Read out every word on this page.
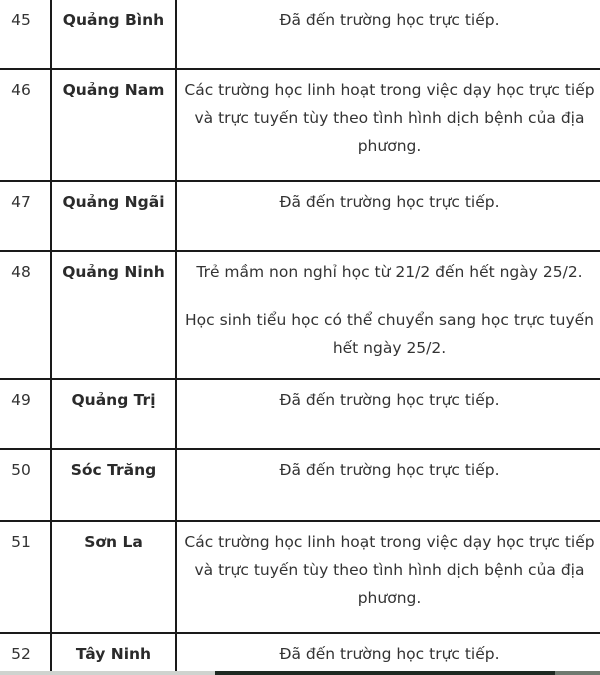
45	Quảng Bình	Đã đến trường học trực tiếp.

46	Quảng Nam	Các trường học linh hoạt trong việc dạy học trực tiếp và trực tuyến tùy theo tình hình dịch bệnh của địa phương.

47	Quảng Ngãi	Đã đến trường học trực tiếp.

48	Quảng Ninh	Trẻ mầm non nghỉ học từ 21/2 đến hết ngày 25/2.

Học sinh tiểu học có thể chuyển sang học trực tuyến hết ngày 25/2.

49	Quảng Trị	Đã đến trường học trực tiếp.

50	Sóc Trăng	Đã đến trường học trực tiếp.

51	Sơn La	Các trường học linh hoạt trong việc dạy học trực tiếp và trực tuyến tùy theo tình hình dịch bệnh của địa phương.

52	Tây Ninh	Đã đến trường học trực tiếp.
